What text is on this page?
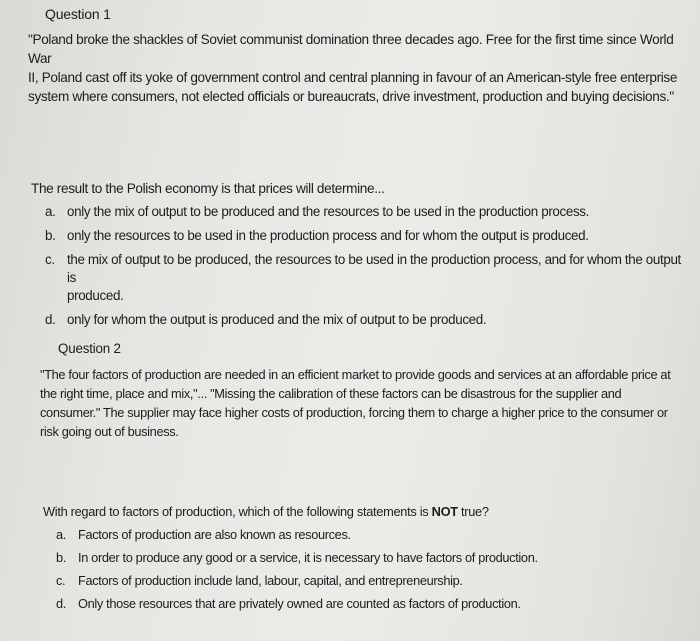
Question 1
"Poland broke the shackles of Soviet communist domination three decades ago. Free for the first time since World War
II, Poland cast off its yoke of government control and central planning in favour of an American-style free enterprise
system where consumers, not elected officials or bureaucrats, drive investment, production and buying decisions."
The result to the Polish economy is that prices will determine...
a. only the mix of output to be produced and the resources to be used in the production process.
b. only the resources to be used in the production process and for whom the output is produced.
c. the mix of output to be produced, the resources to be used in the production process, and for whom the output is
produced.
d. only for whom the output is produced and the mix of output to be produced.
Question 2
"The four factors of production are needed in an efficient market to provide goods and services at an affordable price at
the right time, place and mix,"... "Missing the calibration of these factors can be disastrous for the supplier and
consumer." The supplier may face higher costs of production, forcing them to charge a higher price to the consumer or
risk going out of business.
With regard to factors of production, which of the following statements is NOT true?
a. Factors of production are also known as resources.
b. In order to produce any good or a service, it is necessary to have factors of production.
c. Factors of production include land, labour, capital, and entrepreneurship.
d. Only those resources that are privately owned are counted as factors of production.
